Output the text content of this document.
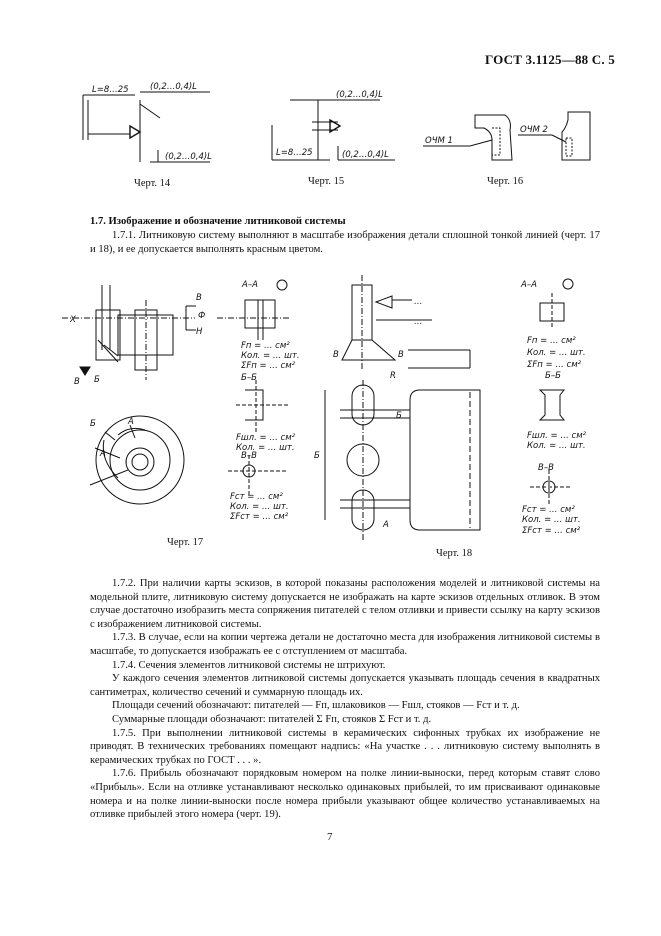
ГОСТ 3.1125—88 С. 5
L=8…25	(0,2…0,4)L
(0,2…0,4)L
(0,2…0,4)L
L=8…25	(0,2…0,4)L
ОЧМ 1
ОЧМ 2
А–А
Fп = … см²
Кол. = … шт.
ΣFп = … см²
Б–Б
Fшл. = … см²
Кол. = … шт.
В–В
Fст = … см²
Кол. = … шт.
ΣFст = … см²
В Б
В
Ф
Н
А
Б
А
Х
А–А
Fп = … см²
Кол. = … шт.
ΣFп = … см²
Б–Б
Fшл. = … см²
Кол. = … шт.
В–В
Fст = … см²
Кол. = … шт.
ΣFст = … см²
R
Б
А
В	В
Б
…
…
Черт. 14	Черт. 15	Черт. 16
Черт. 17
Черт. 18
1.7. Изображение и обозначение литниковой системы

1.7.1. Литниковую систему выполняют в масштабе изображения детали сплошной тонкой линией (черт. 17 и 18), и ее допускается выполнять красным цветом.

1.7.2. При наличии карты эскизов, в которой показаны расположения моделей и литниковой системы на модельной плите, литниковую систему допускается не изображать на карте эскизов отдельных отливок. В этом случае достаточно изобразить места сопряжения питателей с телом отливки и привести ссылку на карту эскизов с изображением литниковой системы.

1.7.3. В случае, если на копии чертежа детали не достаточно места для изображения литниковой системы в масштабе, то допускается изображать ее с отступлением от масштаба.

1.7.4. Сечения элементов литниковой системы не штрихуют.

У каждого сечения элементов литниковой системы допускается указывать площадь сечения в квадратных сантиметрах, количество сечений и суммарную площадь их.

Площади сечений обозначают: питателей — Fп, шлаковиков — Fшл, стояков — Fст и т. д.

Суммарные площади обозначают: питателей Σ Fп, стояков Σ Fст и т. д.

1.7.5. При выполнении литниковой системы в керамических сифонных трубках их изображение не приводят. В технических требованиях помещают надпись: «На участке . . . литниковую систему выполнять в керамических трубках по ГОСТ . . . ».

1.7.6. Прибыль обозначают порядковым номером на полке линии-выноски, перед которым ставят слово «Прибыль». Если на отливке устанавливают несколько одинаковых прибылей, то им присваивают одинаковые номера и на полке линии-выноски после номера прибыли указывают общее количество устанавливаемых на отливке прибылей этого номера (черт. 19).

7
